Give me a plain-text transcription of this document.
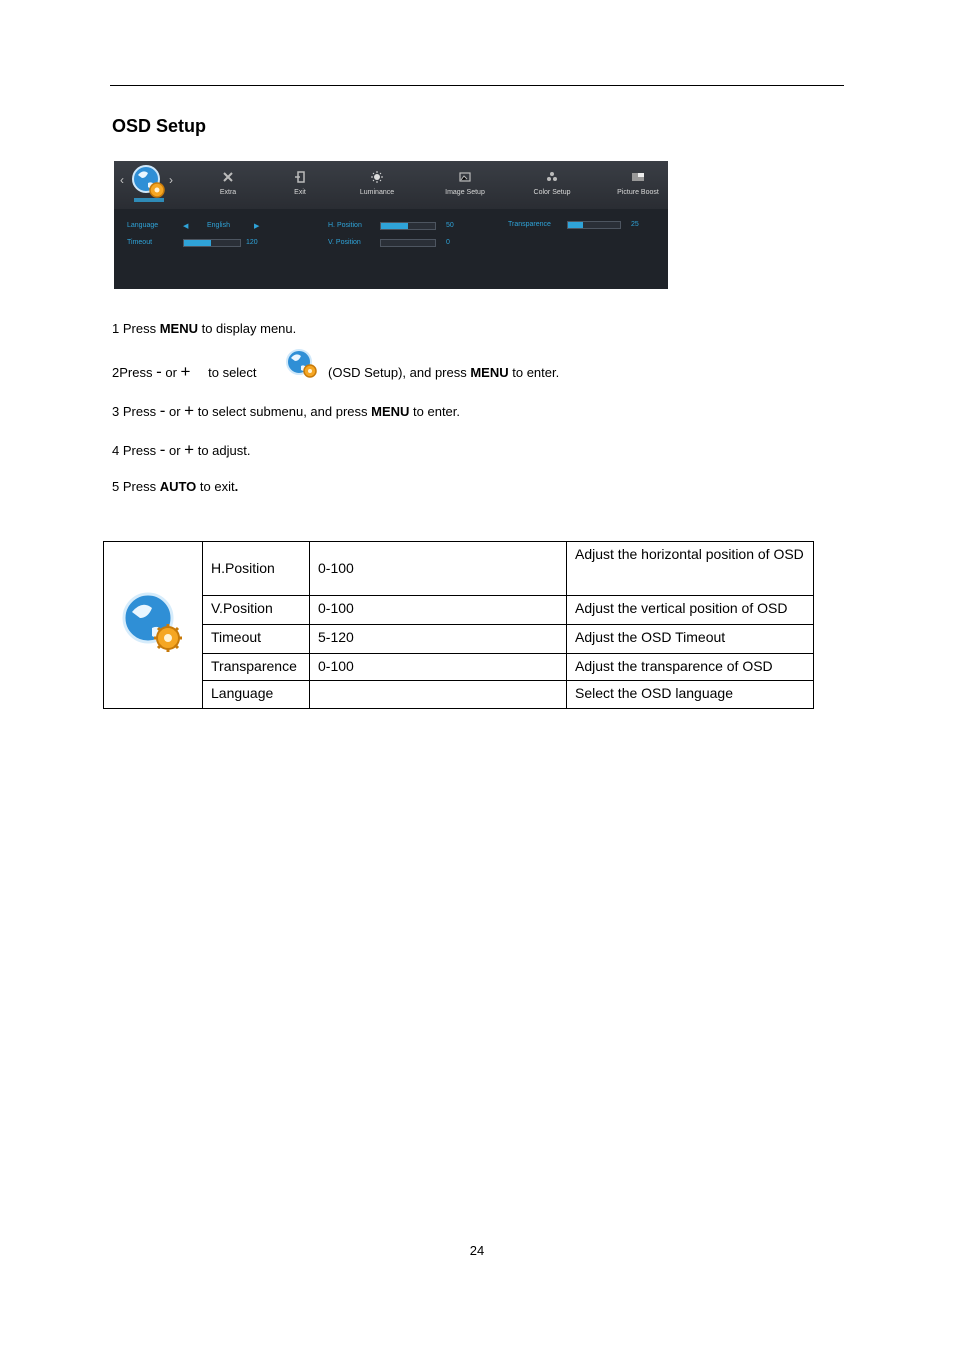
OSD Setup
‹	›
Extra	Exit	Luminance	Image Setup	Color Setup	Picture Boost
Language	◀	English	▶
Timeout	120
H. Position	50
V. Position	0
Transparence	25
1 Press MENU to display menu.
2Press - or + to select	(OSD Setup), and press MENU to enter.
3 Press - or + to select submenu, and press MENU to enter.
4 Press - or + to adjust.
5 Press AUTO to exit.
	H.Position	0-100	Adjust the horizontal position of OSD
	V.Position	0-100	Adjust the vertical position of OSD
	Timeout	5-120	Adjust the OSD Timeout
	Transparence	0-100	Adjust the transparence of OSD
	Language		Select the OSD language
24
